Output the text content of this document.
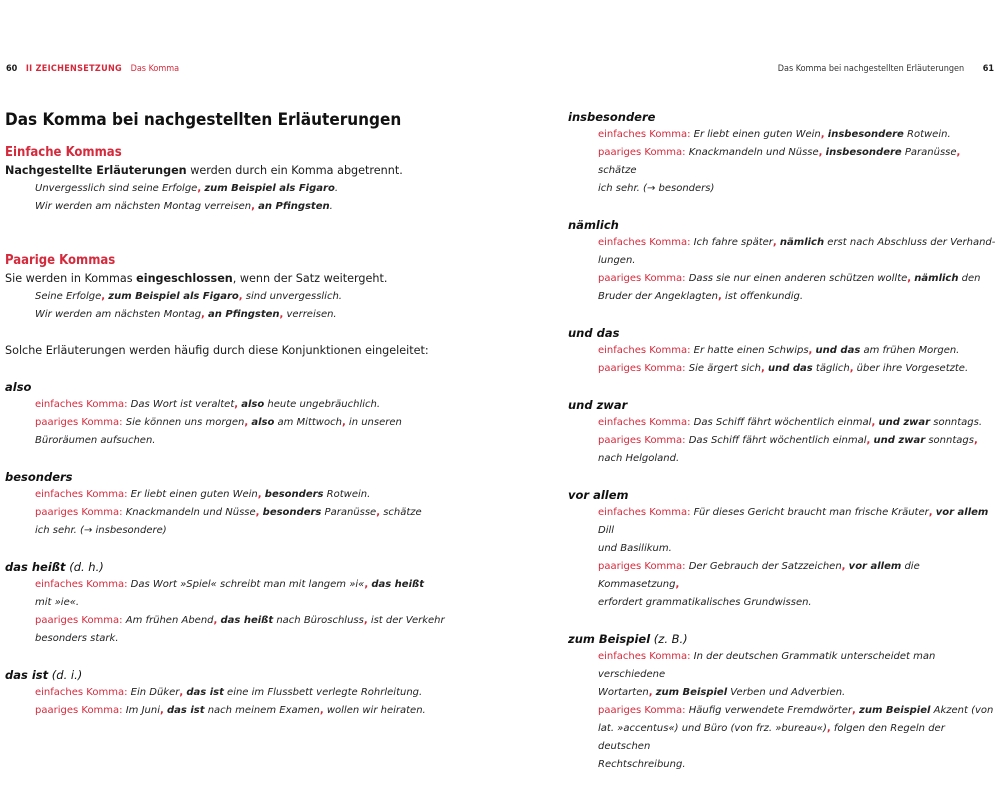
60 II ZEICHENSETZUNG Das Komma
Das Komma bei nachgestellten Erläuterungen
Einfache Kommas

Nachgestellte Erläuterungen werden durch ein Komma abgetrennt.

Unvergesslich sind seine Erfolge, zum Beispiel als Figaro.

Wir werden am nächsten Montag verreisen, an Pfingsten.

Paarige Kommas

Sie werden in Kommas eingeschlossen, wenn der Satz weitergeht.

Seine Erfolge, zum Beispiel als Figaro, sind unvergesslich.

Wir werden am nächsten Montag, an Pfingsten, verreisen.

Solche Erläuterungen werden häufig durch diese Konjunktionen eingeleitet:

also

einfaches Komma: Das Wort ist veraltet, also heute ungebräuchlich.

paariges Komma: Sie können uns morgen, also am Mittwoch, in unseren
Büroräumen aufsuchen.

besonders

einfaches Komma: Er liebt einen guten Wein, besonders Rotwein.

paariges Komma: Knackmandeln und Nüsse, besonders Paranüsse, schätze
ich sehr. (→ insbesondere)

das heißt (d. h.)

einfaches Komma: Das Wort »Spiel« schreibt man mit langem »i«, das heißt
mit »ie«.

paariges Komma: Am frühen Abend, das heißt nach Büroschluss, ist der Verkehr
besonders stark.

das ist (d. i.)

einfaches Komma: Ein Düker, das ist eine im Flussbett verlegte Rohrleitung.

paariges Komma: Im Juni, das ist nach meinem Examen, wollen wir heiraten.

Das Komma bei nachgestellten Erläuterungen 61

insbesondere

einfaches Komma: Er liebt einen guten Wein, insbesondere Rotwein.

paariges Komma: Knackmandeln und Nüsse, insbesondere Paranüsse, schätze
ich sehr. (→ besonders)

nämlich

einfaches Komma: Ich fahre später, nämlich erst nach Abschluss der Verhand-
lungen.

paariges Komma: Dass sie nur einen anderen schützen wollte, nämlich den
Bruder der Angeklagten, ist offenkundig.

und das

einfaches Komma: Er hatte einen Schwips, und das am frühen Morgen.

paariges Komma: Sie ärgert sich, und das täglich, über ihre Vorgesetzte.

und zwar

einfaches Komma: Das Schiff fährt wöchentlich einmal, und zwar sonntags.

paariges Komma: Das Schiff fährt wöchentlich einmal, und zwar sonntags,
nach Helgoland.

vor allem

einfaches Komma: Für dieses Gericht braucht man frische Kräuter, vor allem Dill
und Basilikum.

paariges Komma: Der Gebrauch der Satzzeichen, vor allem die Kommasetzung,
erfordert grammatikalisches Grundwissen.

zum Beispiel (z. B.)

einfaches Komma: In der deutschen Grammatik unterscheidet man verschiedene
Wortarten, zum Beispiel Verben und Adverbien.

paariges Komma: Häufig verwendete Fremdwörter, zum Beispiel Akzent (von
lat. »accentus«) und Büro (von frz. »bureau«), folgen den Regeln der deutschen
Rechtschreibung.
